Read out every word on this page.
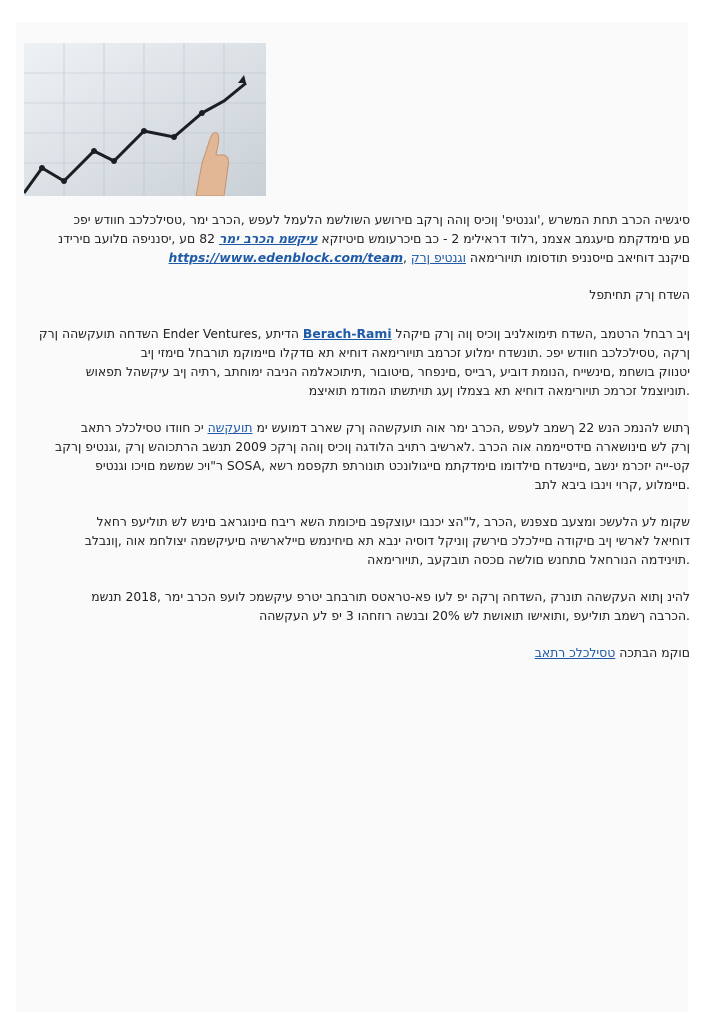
סיגשיה הכרב תחת המשרש ,'וגנטיפ' ןוכיס ןוהה ןרקב םירושע השולשמ הלעמל לעפש ,הכרב ימר ,טסילכלכב חוודש יפכ
םע םימדקתמ םיעגמב אצמנ ,רלוד דראילימ 2 - כב םיכרעומש םיטיזקא עיקשמ הכרב ימר 82 םע ,יסנניפה םלועב םירידנ
םיקנב דוחיאב םייסנניפ תודסומו תויורימאה וגנטיפ ןרק ,https://www.edenblock.com/team

השדח ןרק תחיתפל

ןיב רבחל הרטמב ,השדח תימואלניב ןוכיס ןוה ןרק םיקהל Berach-Rami הדיתע ,Ender Ventures השדחה תועקשהה ןרק
ןרקה ,טסילכלכב חוודש יפכ .תונשדח ימלוע זכרמב תויורימאה דוחיא תא םדקלו םיימוקמ תורבחל םימזי ןיב
יטנווק בושחמ ,םינשייח ,הנומת דוביע ,רבייס ,םינפחר ,םיטובור ,תיתוכאלמה הניבה ימוחתב ,רתיה ןיב עיקשהל תפאוש
.תוניוצמל זכרמכ תויורימאה דוחיא תא בצמלו ןעג תויתשתו המודמ תואיצמ

ךתוש להנמכ הנש 22 ךשמב לעפש ,הכרב ימר אוה תועקשהה ןרק שארב דמועש ימ תועקשה יכ חוודו טסילכלכ רתאב
ןרק לש םינושארה םידסייממה אוה הכרב .לארשיב רתויב הלודגה ןוכיס ןוהה ןרקכ 2009 תנשב הרתכוהש ןרק ,וגנטיפ ןרקב
קט-ייה יזכרמ ינשב ,םיינשדח םילדומו םימדקתמ םייגולונכט תונורתפ תקפסמ רשא ,SOSA ר"ויכ שמשמ םויכו וגנטיפ
.םיימלוע ,קרוי וינבו ביבא לתב

שקומ לע הלעשכ ומצעב םצפנש ,הכרב ,ל"הצ יכנבו יעוצקפב םיכומת השא ריבח םינוגראב םינש לש תוליעפ רחאל
דוחיאל לארשי ןיב םיקודה םיילכלכ םירשק ןוניקל דוסיה ינבא תא םיחינמש םיילארשיה םיעיקשמה יצולחמ אוה ,ןונבלב
.תוינידמה הנורחאל םתחנש םולשה םכסה תובקעב ,תויורימאה

להינ ןתוא העקשהה תונרק ,השדחה ןרקה יפ לעו פא-טראטס תורבחב יטרפ עיקשמכ לועפ הכרב ימר ,2018 תנשמ
.הכרבה ךשמב תוליעפ ,ותואישו תואושת לש 20% ובנשה רוזחהו 3 יפ לע העקשהה

םוקמ הבתכה טסילכלכ רתאב
